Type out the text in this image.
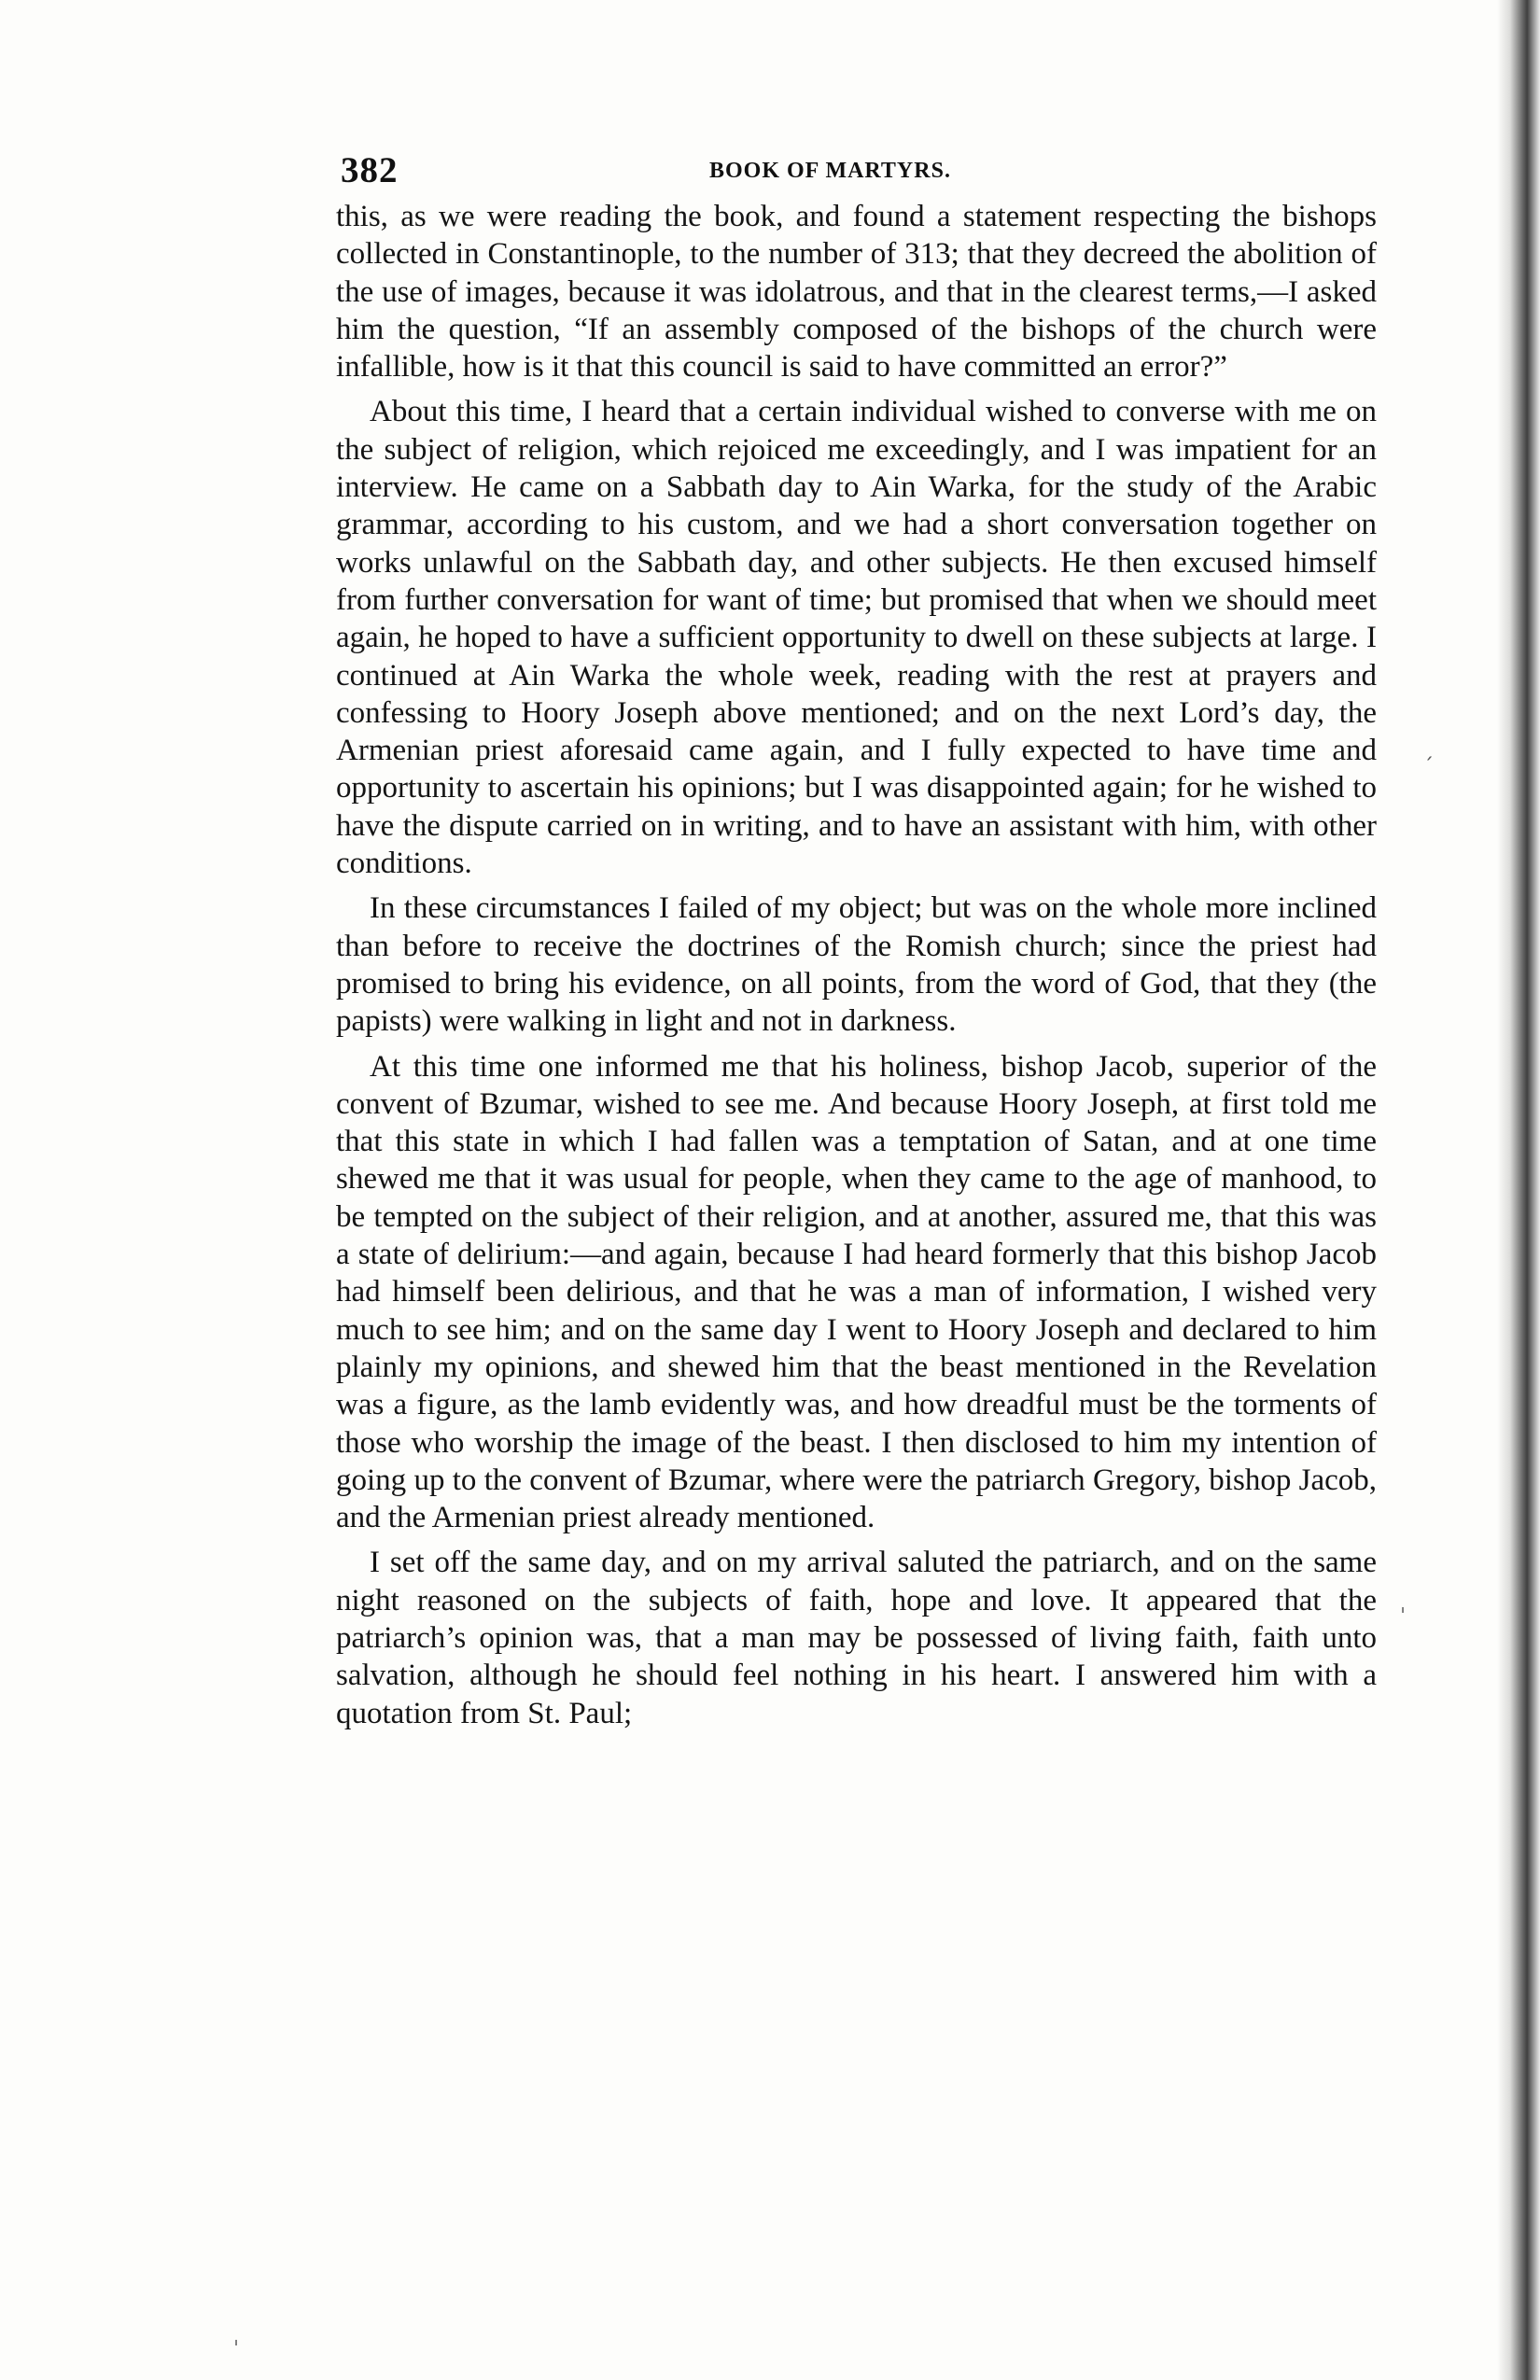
382	BOOK OF MARTYRS.

this, as we were reading the book, and found a statement respecting the bishops collected in Constantinople, to the number of 313; that they decreed the abolition of the use of images, because it was idolatrous, and that in the clearest terms,—I asked him the question, “If an assembly composed of the bishops of the church were infallible, how is it that this council is said to have committed an error?”

About this time, I heard that a certain individual wished to converse with me on the subject of religion, which rejoiced me exceedingly, and I was impatient for an interview. He came on a Sabbath day to Ain Warka, for the study of the Arabic grammar, according to his custom, and we had a short conversation together on works unlawful on the Sabbath day, and other subjects. He then excused himself from further conversation for want of time; but promised that when we should meet again, he hoped to have a sufficient opportunity to dwell on these subjects at large. I continued at Ain Warka the whole week, reading with the rest at prayers and confessing to Hoory Joseph above mentioned; and on the next Lord’s day, the Armenian priest aforesaid came again, and I fully expected to have time and opportunity to ascertain his opinions; but I was disappointed again; for he wished to have the dispute carried on in writing, and to have an assistant with him, with other conditions.

In these circumstances I failed of my object; but was on the whole more inclined than before to receive the doctrines of the Romish church; since the priest had promised to bring his evidence, on all points, from the word of God, that they (the papists) were walking in light and not in darkness.

At this time one informed me that his holiness, bishop Jacob, superior of the convent of Bzumar, wished to see me. And because Hoory Joseph, at first told me that this state in which I had fallen was a temptation of Satan, and at one time shewed me that it was usual for people, when they came to the age of manhood, to be tempted on the subject of their religion, and at another, assured me, that this was a state of delirium:—and again, because I had heard formerly that this bishop Jacob had himself been delirious, and that he was a man of information, I wished very much to see him; and on the same day I went to Hoory Joseph and declared to him plainly my opinions, and shewed him that the beast mentioned in the Revelation was a figure, as the lamb evidently was, and how dreadful must be the torments of those who worship the image of the beast. I then disclosed to him my intention of going up to the convent of Bzumar, where were the patriarch Gregory, bishop Jacob, and the Armenian priest already mentioned.

I set off the same day, and on my arrival saluted the patriarch, and on the same night reasoned on the subjects of faith, hope and love. It appeared that the patriarch’s opinion was, that a man may be possessed of living faith, faith unto salvation, although he should feel nothing in his heart. I answered him with a quotation from St. Paul;

ˏ
ˈ
ˈ
